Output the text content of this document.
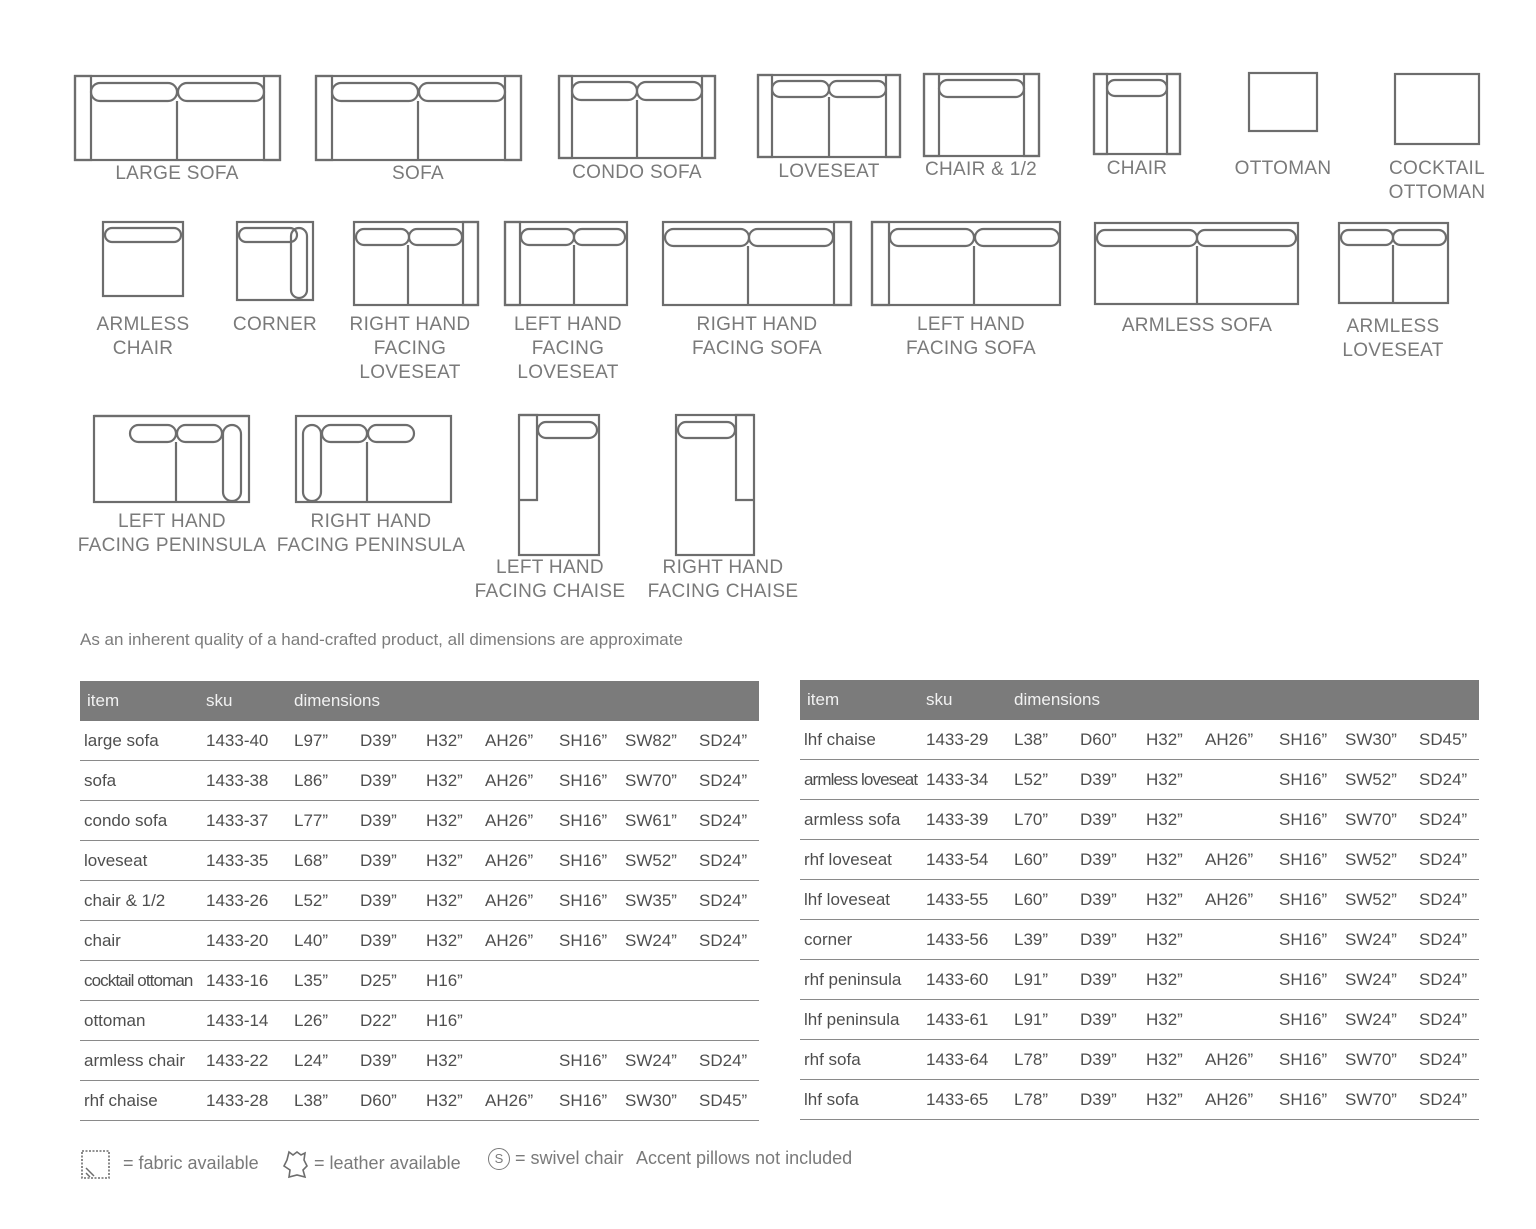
LARGE SOFA	SOFA	CONDO SOFA	LOVESEAT	CHAIR & 1/2	CHAIR	OTTOMAN	COCKTAIL
OTTOMAN
ARMLESS
CHAIR
CORNER	RIGHT HAND
FACING
LOVESEAT
LEFT HAND
FACING
LOVESEAT
RIGHT HAND
FACING SOFA
LEFT HAND
FACING SOFA
ARMLESS SOFA	ARMLESS
LOVESEAT
LEFT HAND
FACING PENINSULA
RIGHT HAND
FACING PENINSULA
LEFT HAND
FACING CHAISE
RIGHT HAND
FACING CHAISE
As an inherent quality of a hand-crafted product, all dimensions are approximate
item	sku	dimensions						
large sofa	1433-40	L97”	D39”	H32”	AH26”	SH16”	SW82”	SD24”
sofa	1433-38	L86”	D39”	H32”	AH26”	SH16”	SW70”	SD24”
condo sofa	1433-37	L77”	D39”	H32”	AH26”	SH16”	SW61”	SD24”
loveseat	1433-35	L68”	D39”	H32”	AH26”	SH16”	SW52”	SD24”
chair & 1/2	1433-26	L52”	D39”	H32”	AH26”	SH16”	SW35”	SD24”
chair	1433-20	L40”	D39”	H32”	AH26”	SH16”	SW24”	SD24”
cocktail ottoman	1433-16	L35”	D25”	H16”				
ottoman	1433-14	L26”	D22”	H16”				
armless chair	1433-22	L24”	D39”	H32”		SH16”	SW24”	SD24”
rhf chaise	1433-28	L38”	D60”	H32”	AH26”	SH16”	SW30”	SD45”
item	sku	dimensions						
lhf chaise	1433-29	L38”	D60”	H32”	AH26”	SH16”	SW30”	SD45”
armless loveseat	1433-34	L52”	D39”	H32”		SH16”	SW52”	SD24”
armless sofa	1433-39	L70”	D39”	H32”		SH16”	SW70”	SD24”
rhf loveseat	1433-54	L60”	D39”	H32”	AH26”	SH16”	SW52”	SD24”
lhf loveseat	1433-55	L60”	D39”	H32”	AH26”	SH16”	SW52”	SD24”
corner	1433-56	L39”	D39”	H32”		SH16”	SW24”	SD24”
rhf peninsula	1433-60	L91”	D39”	H32”		SH16”	SW24”	SD24”
lhf peninsula	1433-61	L91”	D39”	H32”		SH16”	SW24”	SD24”
rhf sofa	1433-64	L78”	D39”	H32”	AH26”	SH16”	SW70”	SD24”
lhf sofa	1433-65	L78”	D39”	H32”	AH26”	SH16”	SW70”	SD24”
= fabric available	= leather available	S = swivel chair Accent pillows not included
